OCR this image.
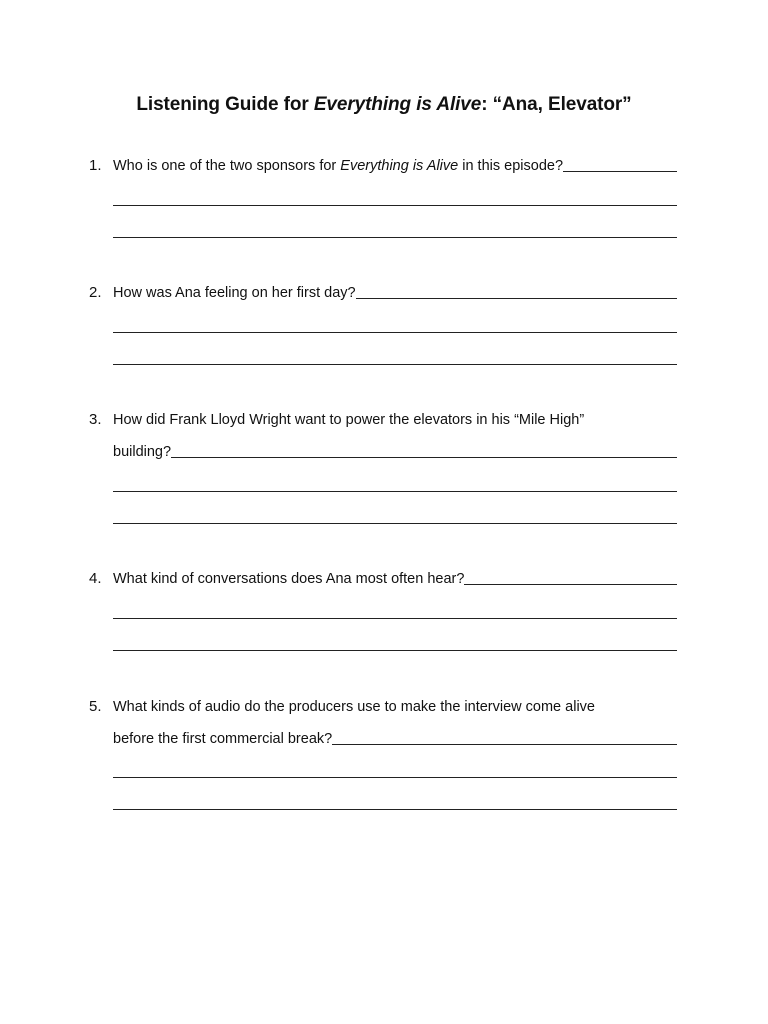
Listening Guide for Everything is Alive: “Ana, Elevator”
1. Who is one of the two sponsors for Everything is Alive in this episode?
2. How was Ana feeling on her first day?
3. How did Frank Lloyd Wright want to power the elevators in his “Mile High”
building?
4. What kind of conversations does Ana most often hear?
5. What kinds of audio do the producers use to make the interview come alive
before the first commercial break?
